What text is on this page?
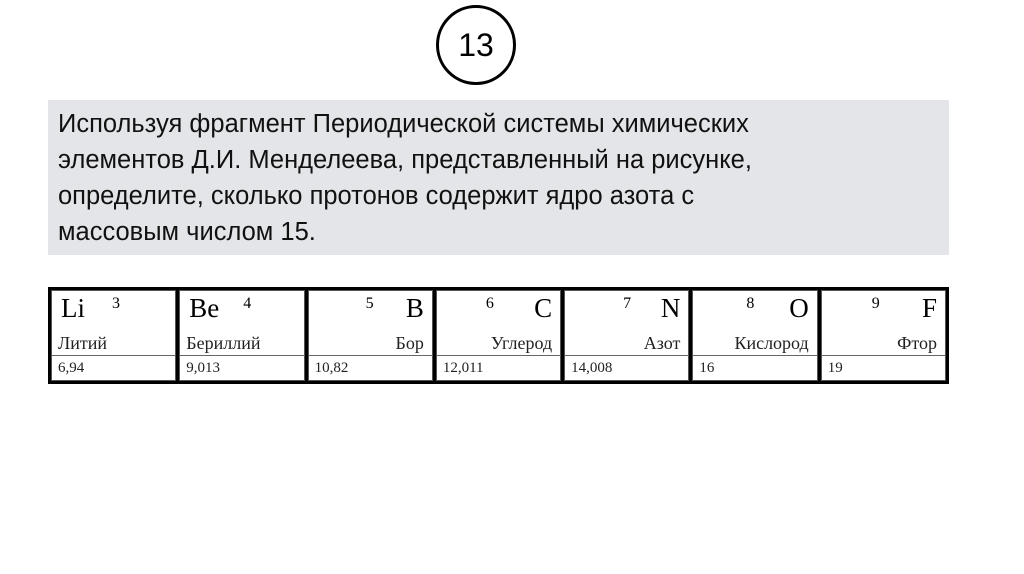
13
Используя фрагмент Периодической системы химических
элементов Д.И. Менделеева, представленный на рисунке,
определите, сколько протонов содержит ядро азота с
массовым числом 15.
Li 3
Литий
6,94
Be 4
Бериллий
9,013
5 B
Бор
10,82
6 C
Углерод
12,011
7 N
Азот
14,008
8 O
Кислород
16
9 F
Фтор
19
